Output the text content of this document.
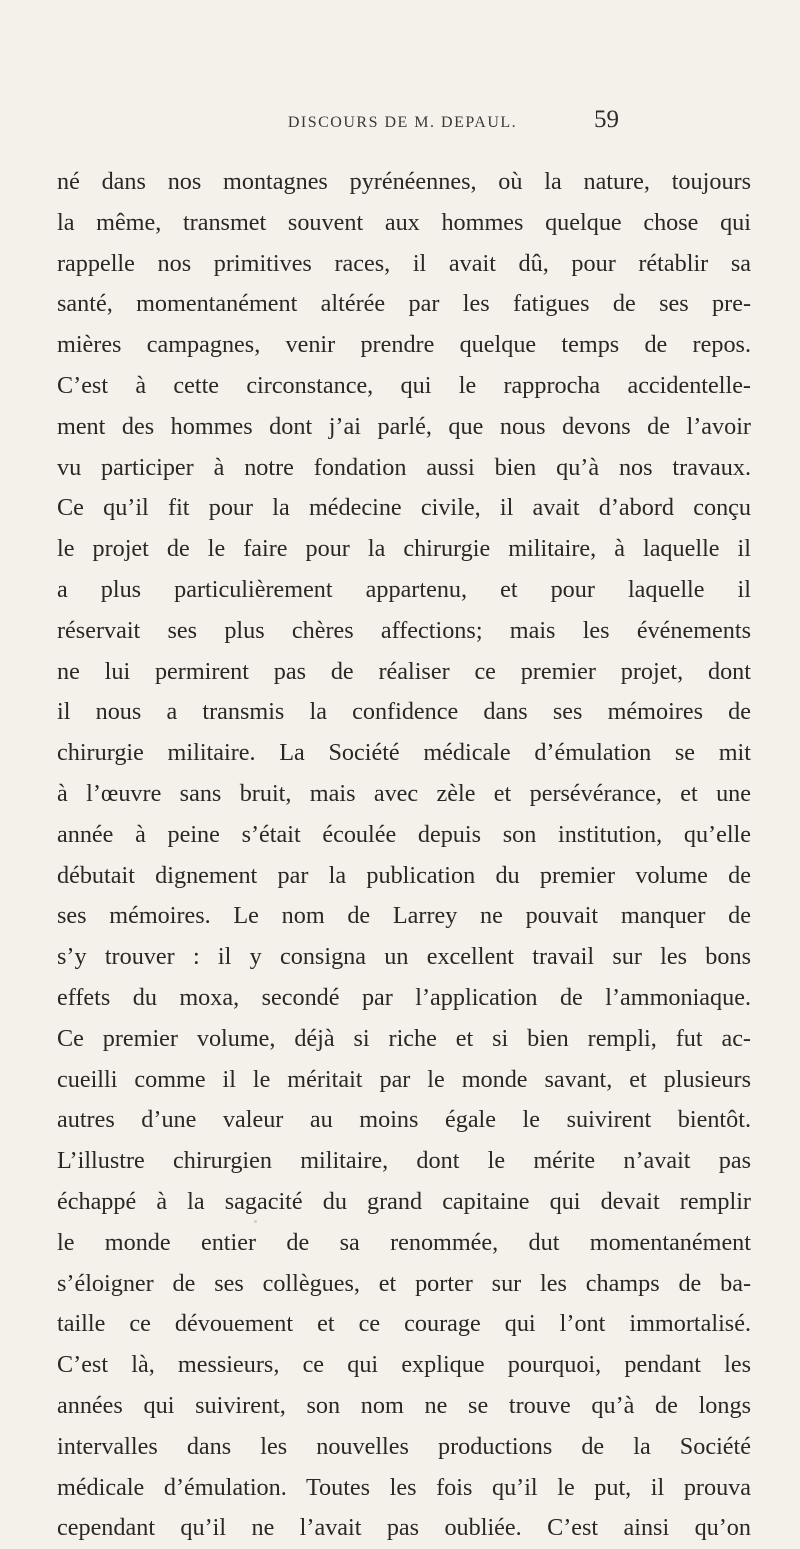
DISCOURS DE M. DEPAUL.	59
né dans nos montagnes pyrénéennes, où la nature, toujours
la même, transmet souvent aux hommes quelque chose qui
rappelle nos primitives races, il avait dû, pour rétablir sa
santé, momentanément altérée par les fatigues de ses pre-
mières campagnes, venir prendre quelque temps de repos.
C’est à cette circonstance, qui le rapprocha accidentelle-
ment des hommes dont j’ai parlé, que nous devons de l’avoir
vu participer à notre fondation aussi bien qu’à nos travaux.
Ce qu’il fit pour la médecine civile, il avait d’abord conçu
le projet de le faire pour la chirurgie militaire, à laquelle il
a plus particulièrement appartenu, et pour laquelle il
réservait ses plus chères affections; mais les événements
ne lui permirent pas de réaliser ce premier projet, dont
il nous a transmis la confidence dans ses mémoires de
chirurgie militaire. La Société médicale d’émulation se mit
à l’œuvre sans bruit, mais avec zèle et persévérance, et une
année à peine s’était écoulée depuis son institution, qu’elle
débutait dignement par la publication du premier volume de
ses mémoires. Le nom de Larrey ne pouvait manquer de
s’y trouver : il y consigna un excellent travail sur les bons
effets du moxa, secondé par l’application de l’ammoniaque.
Ce premier volume, déjà si riche et si bien rempli, fut ac-
cueilli comme il le méritait par le monde savant, et plusieurs
autres d’une valeur au moins égale le suivirent bientôt.
L’illustre chirurgien militaire, dont le mérite n’avait pas
échappé à la sagacité du grand capitaine qui devait remplir
le monde entier de sa renommée, dut momentanément
s’éloigner de ses collègues, et porter sur les champs de ba-
taille ce dévouement et ce courage qui l’ont immortalisé.
C’est là, messieurs, ce qui explique pourquoi, pendant les
années qui suivirent, son nom ne se trouve qu’à de longs
intervalles dans les nouvelles productions de la Société
médicale d’émulation. Toutes les fois qu’il le put, il prouva
cependant qu’il ne l’avait pas oubliée. C’est ainsi qu’on
